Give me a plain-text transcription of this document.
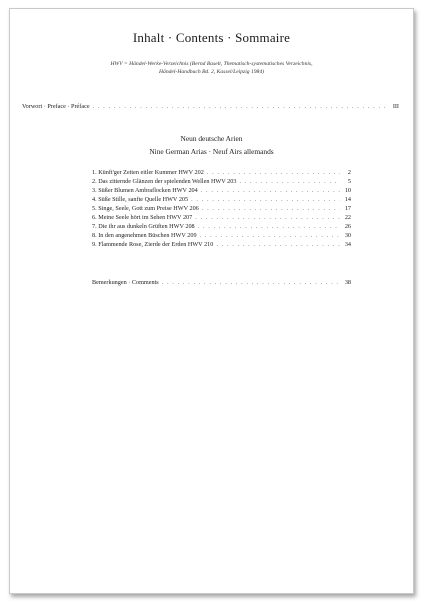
Inhalt · Contents · Sommaire
HWV = Händel-Werke-Verzeichnis (Bernd Baselt, Thematisch-systematisches Verzeichnis,
Händel-Handbuch Bd. 2, Kassel/Leipzig 1984)
Vorwort · Preface · Préface . . .	III
Neun deutsche Arien
Nine German Arias · Neuf Airs allemands
1. Künft'ger Zeiten eitler Kummer HWV 202 . . .	2
2. Das zitternde Glänzen der spielenden Wellen HWV 203 . . .	5
3. Süßer Blumen Ambraflocken HWV 204 . . .	10
4. Süße Stille, sanfte Quelle HWV 205 . . .	14
5. Singe, Seele, Gott zum Preise HWV 206 . . .	17
6. Meine Seele hört im Sehen HWV 207 . . .	22
7. Die ihr aus dunkeln Grüften HWV 208 . . .	26
8. In den angenehmen Büschen HWV 209 . . .	30
9. Flammende Rose, Zierde der Erden HWV 210 . . .	34
Bemerkungen · Comments . . .	38
